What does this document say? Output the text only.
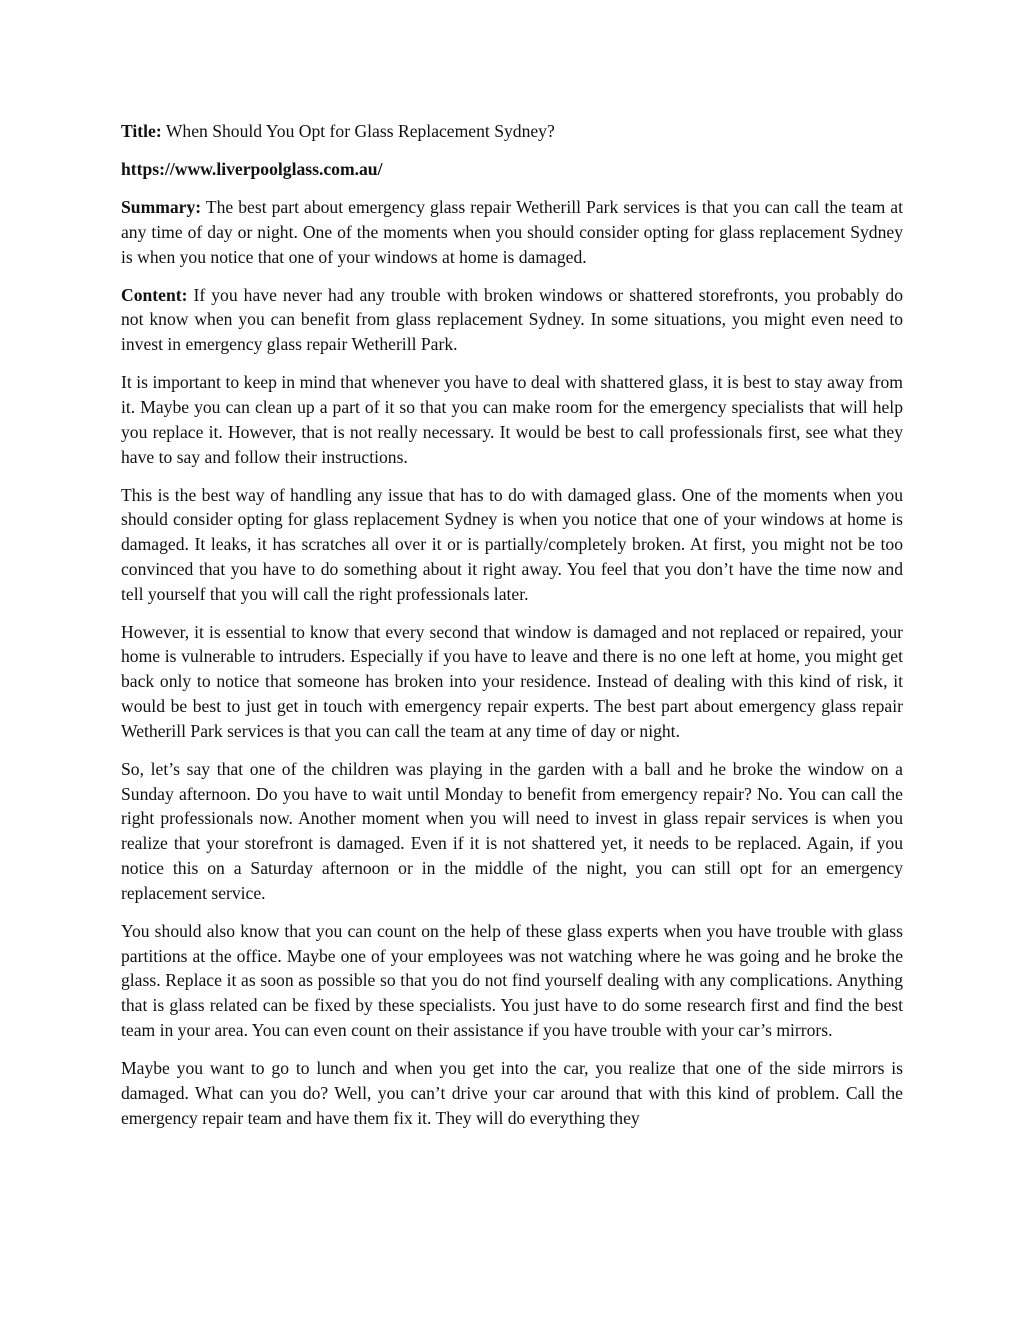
Title: When Should You Opt for Glass Replacement Sydney?

https://www.liverpoolglass.com.au/

Summary: The best part about emergency glass repair Wetherill Park services is that you can call the team at any time of day or night. One of the moments when you should consider opting for glass replacement Sydney is when you notice that one of your windows at home is damaged.

Content: If you have never had any trouble with broken windows or shattered storefronts, you probably do not know when you can benefit from glass replacement Sydney. In some situations, you might even need to invest in emergency glass repair Wetherill Park.

It is important to keep in mind that whenever you have to deal with shattered glass, it is best to stay away from it. Maybe you can clean up a part of it so that you can make room for the emergency specialists that will help you replace it. However, that is not really necessary. It would be best to call professionals first, see what they have to say and follow their instructions.

This is the best way of handling any issue that has to do with damaged glass. One of the moments when you should consider opting for glass replacement Sydney is when you notice that one of your windows at home is damaged. It leaks, it has scratches all over it or is partially/completely broken. At first, you might not be too convinced that you have to do something about it right away. You feel that you don’t have the time now and tell yourself that you will call the right professionals later.

However, it is essential to know that every second that window is damaged and not replaced or repaired, your home is vulnerable to intruders. Especially if you have to leave and there is no one left at home, you might get back only to notice that someone has broken into your residence. Instead of dealing with this kind of risk, it would be best to just get in touch with emergency repair experts. The best part about emergency glass repair Wetherill Park services is that you can call the team at any time of day or night.

So, let’s say that one of the children was playing in the garden with a ball and he broke the window on a Sunday afternoon. Do you have to wait until Monday to benefit from emergency repair? No. You can call the right professionals now. Another moment when you will need to invest in glass repair services is when you realize that your storefront is damaged. Even if it is not shattered yet, it needs to be replaced. Again, if you notice this on a Saturday afternoon or in the middle of the night, you can still opt for an emergency replacement service.

You should also know that you can count on the help of these glass experts when you have trouble with glass partitions at the office. Maybe one of your employees was not watching where he was going and he broke the glass. Replace it as soon as possible so that you do not find yourself dealing with any complications. Anything that is glass related can be fixed by these specialists. You just have to do some research first and find the best team in your area. You can even count on their assistance if you have trouble with your car’s mirrors.

Maybe you want to go to lunch and when you get into the car, you realize that one of the side mirrors is damaged. What can you do? Well, you can’t drive your car around that with this kind of problem. Call the emergency repair team and have them fix it. They will do everything they
